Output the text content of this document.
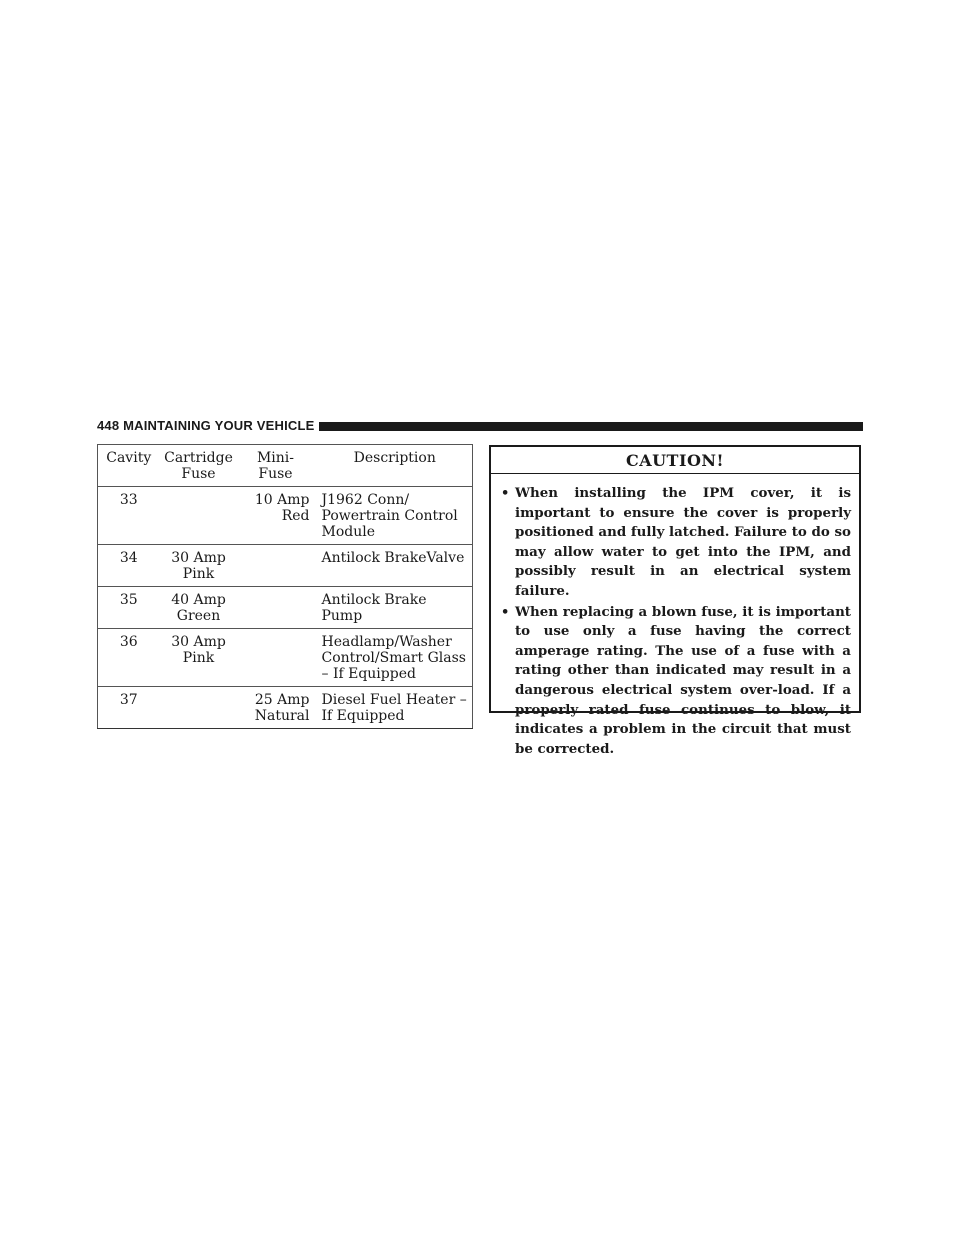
448 MAINTAINING YOUR VEHICLE
Cavity	Cartridge Fuse	Mini-Fuse	Description
33		10 Amp Red	J1962 Conn/ Powertrain Control Module
34	30 Amp Pink		Antilock BrakeValve
35	40 Amp Green		Antilock Brake Pump
36	30 Amp Pink		Headlamp/Washer Control/Smart Glass – If Equipped
37		25 Amp Natural	Diesel Fuel Heater – If Equipped
CAUTION!
• When installing the IPM cover, it is important to ensure the cover is properly positioned and fully latched. Failure to do so may allow water to get into the IPM, and possibly result in an electrical system failure.
• When replacing a blown fuse, it is important to use only a fuse having the correct amperage rating. The use of a fuse with a rating other than indicated may result in a dangerous electrical system over-load. If a properly rated fuse continues to blow, it indicates a problem in the circuit that must be corrected.
